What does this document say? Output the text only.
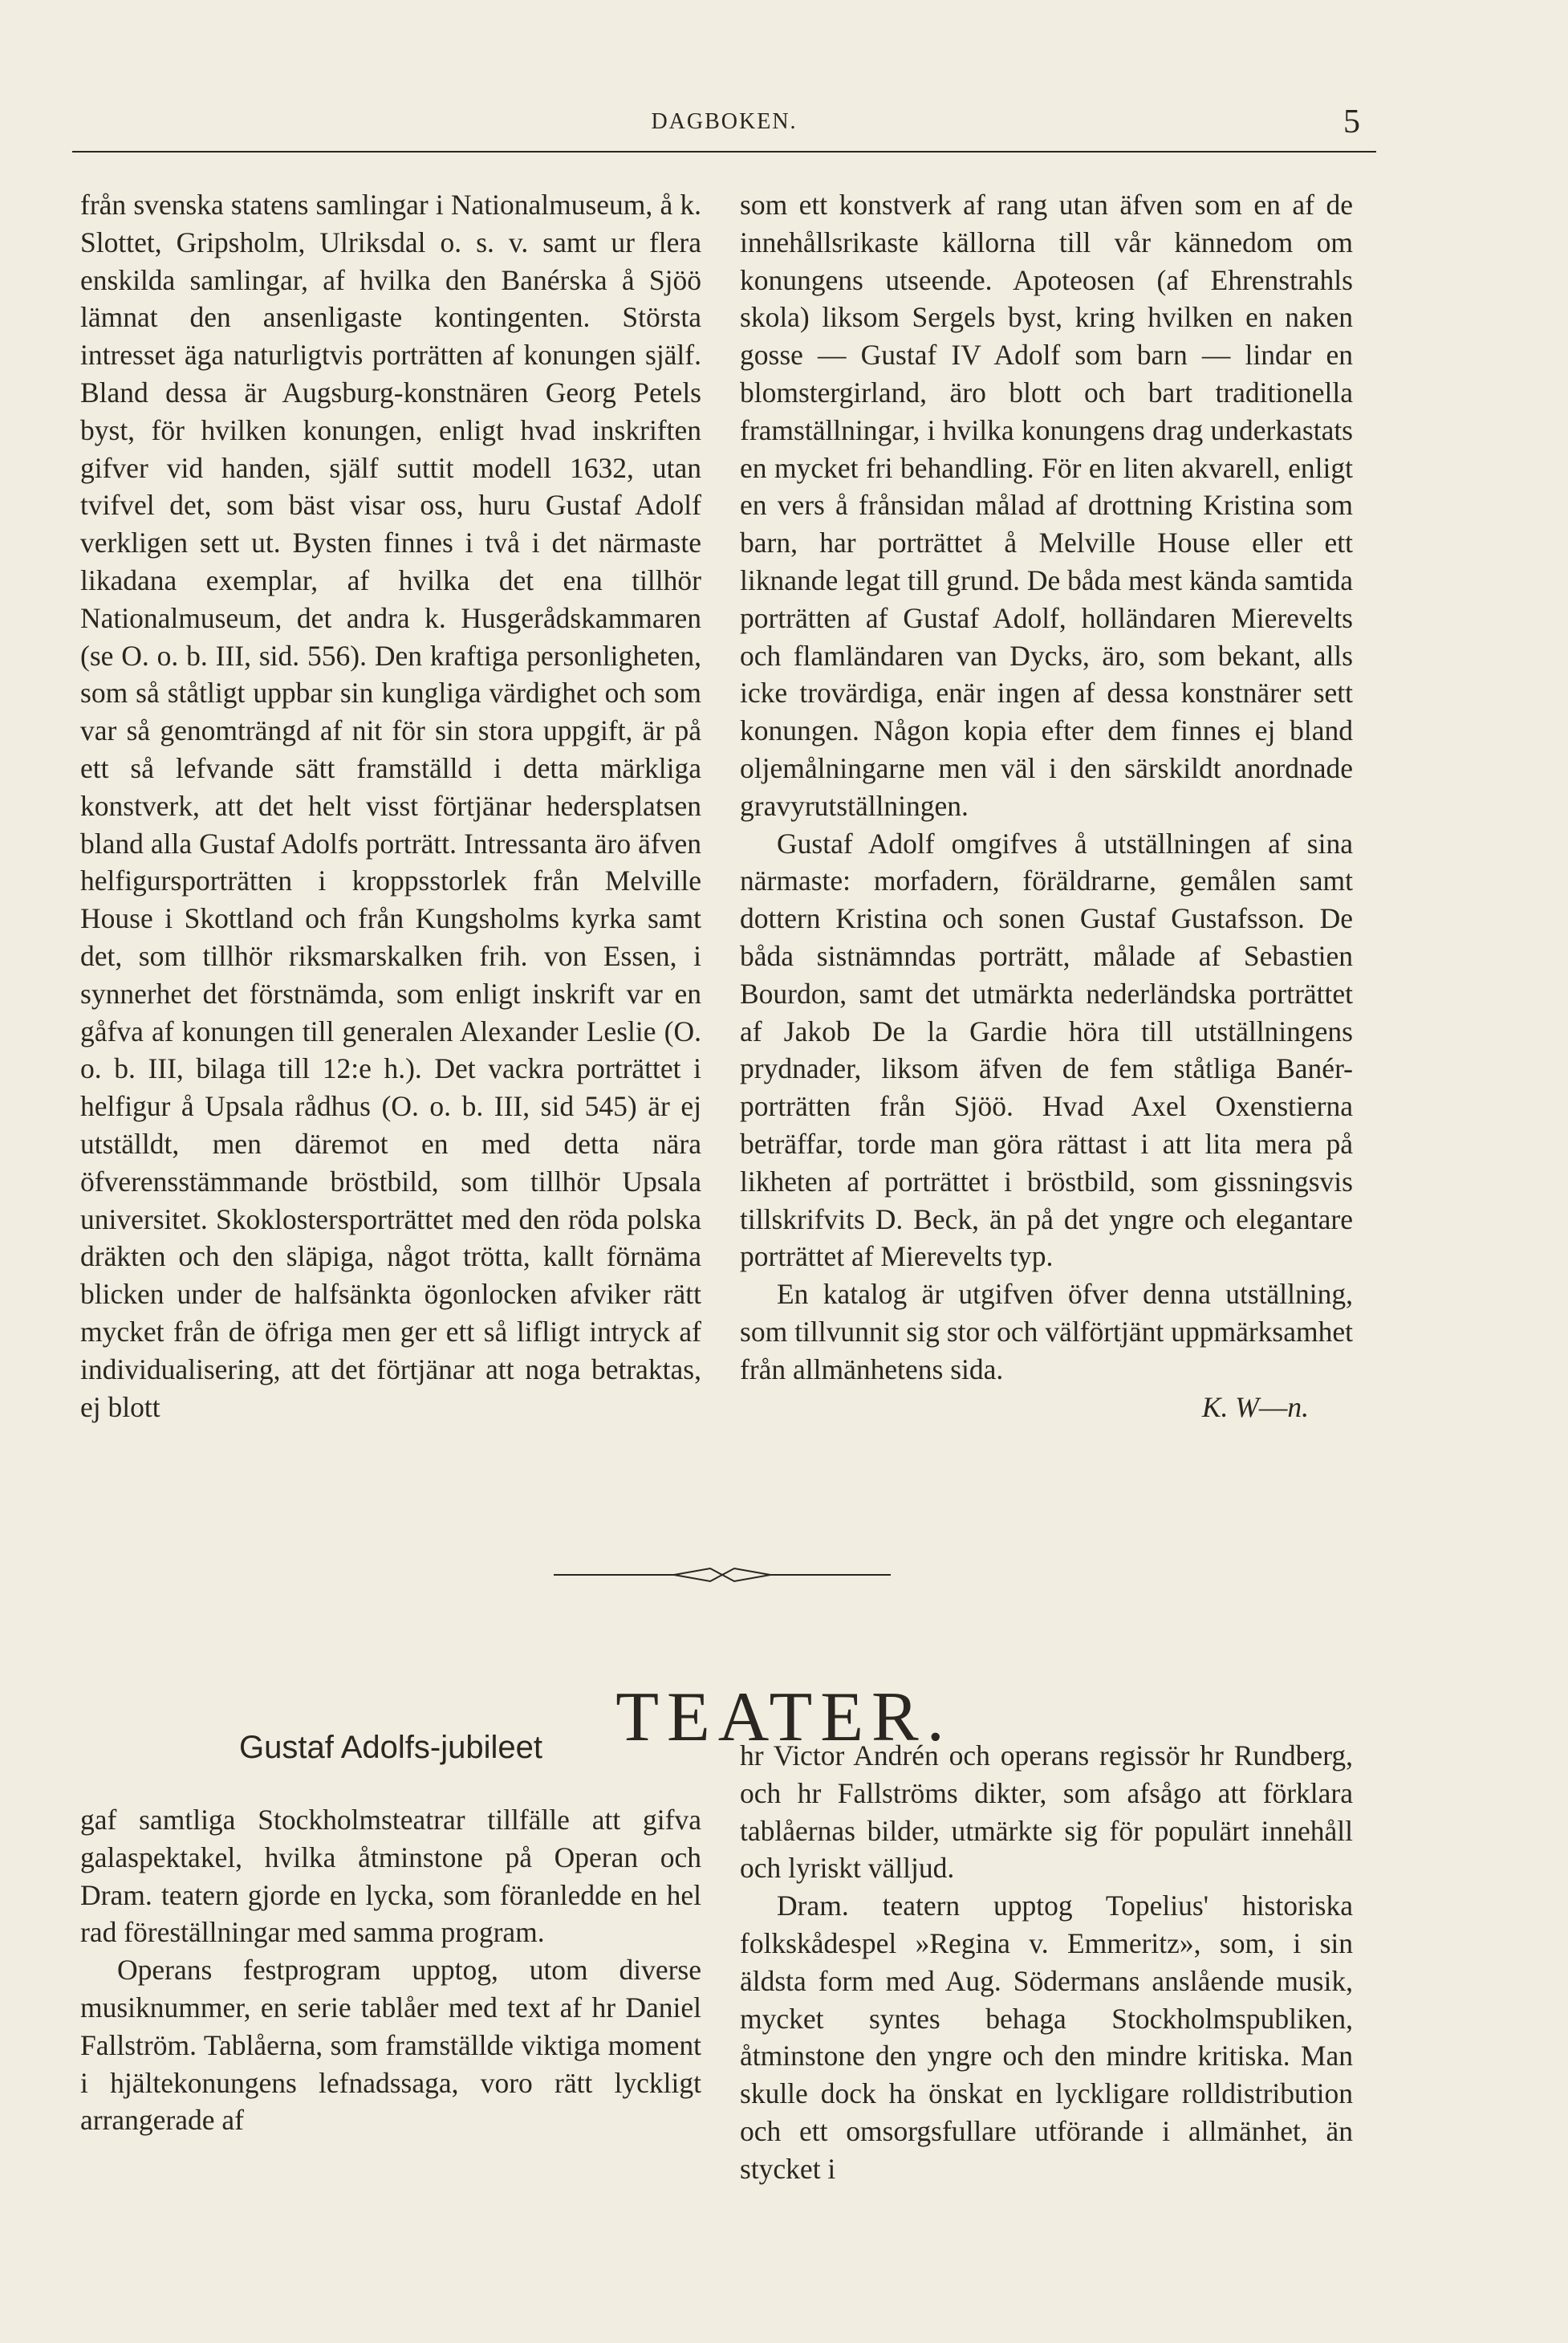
DAGBOKEN.	5

från svenska statens samlingar i Nationalmuseum, å k. Slottet, Gripsholm, Ulriksdal o. s. v. samt ur flera enskilda samlingar, af hvilka den Banérska å Sjöö lämnat den ansenligaste kontingenten. Största intresset äga naturligtvis porträtten af konungen själf. Bland dessa är Augsburg-konstnären Georg Petels byst, för hvilken konungen, enligt hvad inskriften gifver vid handen, själf suttit modell 1632, utan tvifvel det, som bäst visar oss, huru Gustaf Adolf verkligen sett ut. Bysten finnes i två i det närmaste likadana exemplar, af hvilka det ena tillhör Nationalmuseum, det andra k. Husgerådskammaren (se O. o. b. III, sid. 556). Den kraftiga personligheten, som så ståtligt uppbar sin kungliga värdighet och som var så genomträngd af nit för sin stora uppgift, är på ett så lefvande sätt framställd i detta märkliga konstverk, att det helt visst förtjänar hedersplatsen bland alla Gustaf Adolfs porträtt. Intressanta äro äfven helfigursporträtten i kroppsstorlek från Melville House i Skottland och från Kungsholms kyrka samt det, som tillhör riksmarskalken frih. von Essen, i synnerhet det förstnämda, som enligt inskrift var en gåfva af konungen till generalen Alexander Leslie (O. o. b. III, bilaga till 12:e h.). Det vackra porträttet i helfigur å Upsala rådhus (O. o. b. III, sid 545) är ej utställdt, men däremot en med detta nära öfverensstämmande bröstbild, som tillhör Upsala universitet. Skoklostersporträttet med den röda polska dräkten och den släpiga, något trötta, kallt förnäma blicken under de halfsänkta ögonlocken afviker rätt mycket från de öfriga men ger ett så lifligt intryck af individualisering, att det förtjänar att noga betraktas, ej blott

som ett konstverk af rang utan äfven som en af de innehållsrikaste källorna till vår kännedom om konungens utseende. Apoteosen (af Ehrenstrahls skola) liksom Sergels byst, kring hvilken en naken gosse — Gustaf IV Adolf som barn — lindar en blomstergirland, äro blott och bart traditionella framställningar, i hvilka konungens drag underkastats en mycket fri behandling. För en liten akvarell, enligt en vers å frånsidan målad af drottning Kristina som barn, har porträttet å Melville House eller ett liknande legat till grund. De båda mest kända samtida porträtten af Gustaf Adolf, holländaren Mierevelts och flamländaren van Dycks, äro, som bekant, alls icke trovärdiga, enär ingen af dessa konstnärer sett konungen. Någon kopia efter dem finnes ej bland oljemålningarne men väl i den särskildt anordnade gravyrutställningen.

Gustaf Adolf omgifves å utställningen af sina närmaste: morfadern, föräldrarne, gemålen samt dottern Kristina och sonen Gustaf Gustafsson. De båda sistnämndas porträtt, målade af Sebastien Bourdon, samt det utmärkta nederländska porträttet af Jakob De la Gardie höra till utställningens prydnader, liksom äfven de fem ståtliga Banér-porträtten från Sjöö. Hvad Axel Oxenstierna beträffar, torde man göra rättast i att lita mera på likheten af porträttet i bröstbild, som gissningsvis tillskrifvits D. Beck, än på det yngre och elegantare porträttet af Mierevelts typ.

En katalog är utgifven öfver denna utställning, som tillvunnit sig stor och välförtjänt uppmärksamhet från allmänhetens sida.

K. W––n.

TEATER.
Gustaf Adolfs-jubileet

gaf samtliga Stockholmsteatrar tillfälle att gifva galaspektakel, hvilka åtminstone på Operan och Dram. teatern gjorde en lycka, som föranledde en hel rad föreställningar med samma program.

Operans festprogram upptog, utom diverse musiknummer, en serie tablåer med text af hr Daniel Fallström. Tablåerna, som framställde viktiga moment i hjältekonungens lefnadssaga, voro rätt lyckligt arrangerade af

hr Victor Andrén och operans regissör hr Rundberg, och hr Fallströms dikter, som afsågo att förklara tablåernas bilder, utmärkte sig för populärt innehåll och lyriskt välljud.

Dram. teatern upptog Topelius' historiska folkskådespel »Regina v. Emmeritz», som, i sin äldsta form med Aug. Södermans anslående musik, mycket syntes behaga Stockholmspubliken, åtminstone den yngre och den mindre kritiska. Man skulle dock ha önskat en lyckligare rolldistribution och ett omsorgsfullare utförande i allmänhet, än stycket i
